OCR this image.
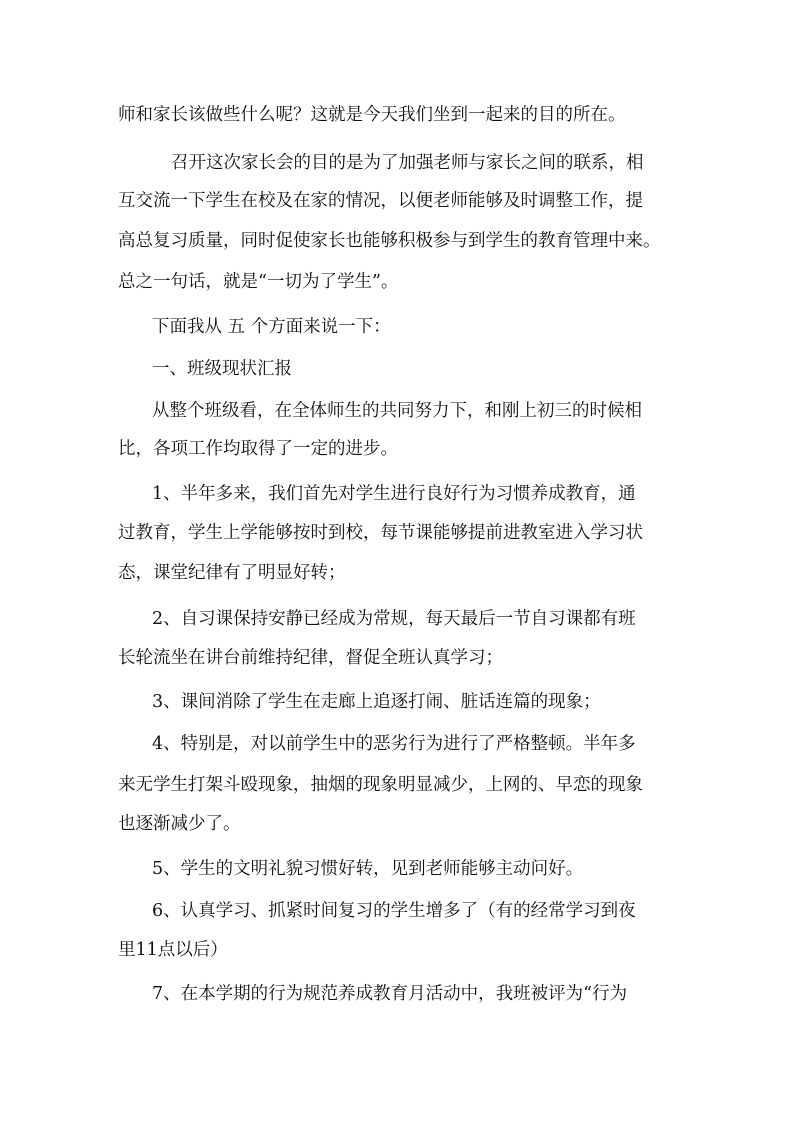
师和家长该做些什么呢？这就是今天我们坐到一起来的目的所在。
召开这次家长会的目的是为了加强老师与家长之间的联系，相
互交流一下学生在校及在家的情况，以便老师能够及时调整工作，提
高总复习质量，同时促使家长也能够积极参与到学生的教育管理中来。
总之一句话，就是“一切为了学生”。
下面我从 五 个方面来说一下：
一、班级现状汇报
从整个班级看，在全体师生的共同努力下，和刚上初三的时候相
比，各项工作均取得了一定的进步。
1、半年多来，我们首先对学生进行良好行为习惯养成教育，通
过教育，学生上学能够按时到校，每节课能够提前进教室进入学习状
态，课堂纪律有了明显好转；
2、自习课保持安静已经成为常规，每天最后一节自习课都有班
长轮流坐在讲台前维持纪律，督促全班认真学习；
3、课间消除了学生在走廊上追逐打闹、脏话连篇的现象；
4、特别是，对以前学生中的恶劣行为进行了严格整顿。半年多
来无学生打架斗殴现象，抽烟的现象明显减少，上网的、早恋的现象
也逐渐减少了。
5、学生的文明礼貌习惯好转，见到老师能够主动问好。
6、认真学习、抓紧时间复习的学生增多了（有的经常学习到夜
里11点以后）
7、在本学期的行为规范养成教育月活动中，我班被评为“行为
